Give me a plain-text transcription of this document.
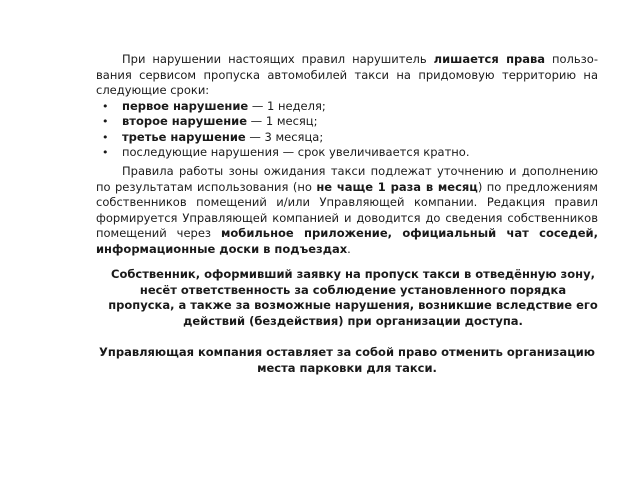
При нарушении настоящих правил нарушитель лишается права пользо-вания сервисом пропуска автомобилей такси на придомовую территорию на следующие сроки:

• первое нарушение — 1 неделя;
• второе нарушение — 1 месяц;
• третье нарушение — 3 месяца;
• последующие нарушения — срок увеличивается кратно.

Правила работы зоны ожидания такси подлежат уточнению и дополнению по результатам использования (но не чаще 1 раза в месяц) по предложениям собственников помещений и/или Управляющей компании. Редакция правил формируется Управляющей компанией и доводится до сведения собственников помещений через мобильное приложение, официальный чат соседей, информационные доски в подъездах.

Собственник, оформивший заявку на пропуск такси в отведённую зону, несёт ответственность за соблюдение установленного порядка пропуска, а также за возможные нарушения, возникшие вследствие его действий (бездействия) при организации доступа.

Управляющая компания оставляет за собой право отменить организацию места парковки для такси.
